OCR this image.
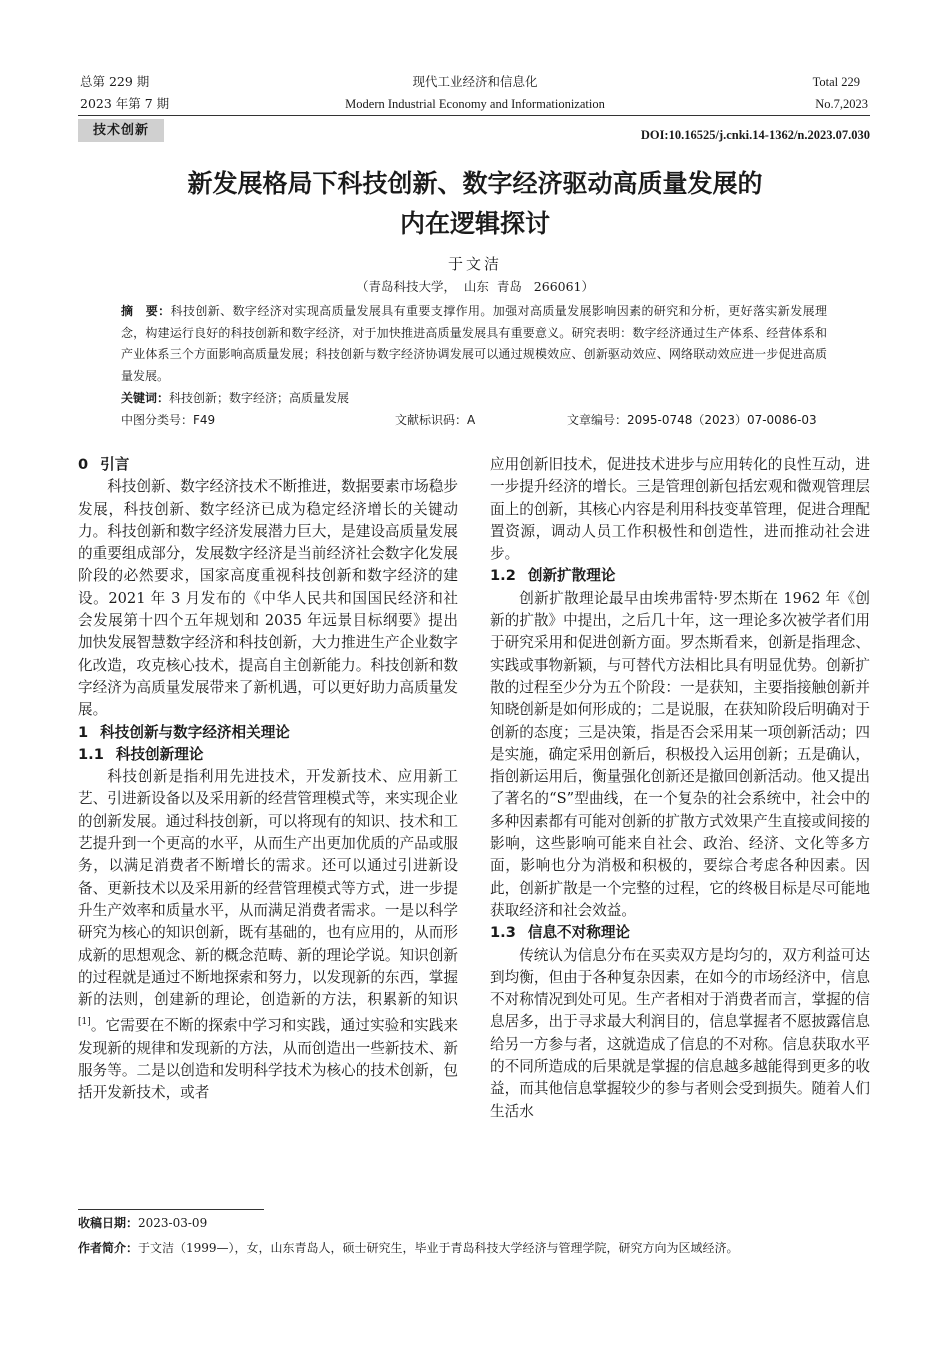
总第 229 期
2023 年第 7 期
现代工业经济和信息化
Modern Industrial Economy and Informationization
Total 229
No.7,2023
技术创新	DOI:10.16525/j.cnki.14-1362/n.2023.07.030
新发展格局下科技创新、数字经济驱动高质量发展的
内在逻辑探讨
于文洁
（青岛科技大学，  山东  青岛   266061）
摘　要：科技创新、数字经济对实现高质量发展具有重要支撑作用。加强对高质量发展影响因素的研究和分析，更好落实新发展理念，构建运行良好的科技创新和数字经济，对于加快推进高质量发展具有重要意义。研究表明：数字经济通过生产体系、经营体系和产业体系三个方面影响高质量发展；科技创新与数字经济协调发展可以通过规模效应、创新驱动效应、网络联动效应进一步促进高质量发展。
关键词：科技创新；数字经济；高质量发展
中图分类号：F49	文献标识码：A	文章编号：2095-0748（2023）07-0086-03
0 引言

科技创新、数字经济技术不断推进，数据要素市场稳步发展，科技创新、数字经济已成为稳定经济增长的关键动力。科技创新和数字经济发展潜力巨大，是建设高质量发展的重要组成部分，发展数字经济是当前经济社会数字化发展阶段的必然要求，国家高度重视科技创新和数字经济的建设。2021 年 3 月发布的《中华人民共和国国民经济和社会发展第十四个五年规划和 2035 年远景目标纲要》提出加快发展智慧数字经济和科技创新，大力推进生产企业数字化改造，攻克核心技术，提高自主创新能力。科技创新和数字经济为高质量发展带来了新机遇，可以更好助力高质量发展。

1 科技创新与数字经济相关理论
1.1 科技创新理论

科技创新是指利用先进技术，开发新技术、应用新工艺、引进新设备以及采用新的经营管理模式等，来实现企业的创新发展。通过科技创新，可以将现有的知识、技术和工艺提升到一个更高的水平，从而生产出更加优质的产品或服务，以满足消费者不断增长的需求。还可以通过引进新设备、更新技术以及采用新的经营管理模式等方式，进一步提升生产效率和质量水平，从而满足消费者需求。一是以科学研究为核心的知识创新，既有基础的，也有应用的，从而形成新的思想观念、新的概念范畴、新的理论学说。知识创新的过程就是通过不断地探索和努力，以发现新的东西，掌握新的法则，创建新的理论，创造新的方法，积累新的知识[1]。它需要在不断的探索中学习和实践，通过实验和实践来发现新的规律和发现新的方法，从而创造出一些新技术、新服务等。二是以创造和发明科学技术为核心的技术创新，包括开发新技术，或者

应用创新旧技术，促进技术进步与应用转化的良性互动，进一步提升经济的增长。三是管理创新包括宏观和微观管理层面上的创新，其核心内容是利用科技变革管理，促进合理配置资源，调动人员工作积极性和创造性，进而推动社会进步。

1.2 创新扩散理论

创新扩散理论最早由埃弗雷特·罗杰斯在 1962 年《创新的扩散》中提出，之后几十年，这一理论多次被学者们用于研究采用和促进创新方面。罗杰斯看来，创新是指理念、实践或事物新颖，与可替代方法相比具有明显优势。创新扩散的过程至少分为五个阶段：一是获知，主要指接触创新并知晓创新是如何形成的；二是说服，在获知阶段后明确对于创新的态度；三是决策，指是否会采用某一项创新活动；四是实施，确定采用创新后，积极投入运用创新；五是确认，指创新运用后，衡量强化创新还是撤回创新活动。他又提出了著名的“S”型曲线，在一个复杂的社会系统中，社会中的多种因素都有可能对创新的扩散方式效果产生直接或间接的影响，这些影响可能来自社会、政治、经济、文化等多方面，影响也分为消极和积极的，要综合考虑各种因素。因此，创新扩散是一个完整的过程，它的终极目标是尽可能地获取经济和社会效益。

1.3 信息不对称理论

传统认为信息分布在买卖双方是均匀的，双方利益可达到均衡，但由于各种复杂因素，在如今的市场经济中，信息不对称情况到处可见。生产者相对于消费者而言，掌握的信息居多，出于寻求最大利润目的，信息掌握者不愿披露信息给另一方参与者，这就造成了信息的不对称。信息获取水平的不同所造成的后果就是掌握的信息越多越能得到更多的收益，而其他信息掌握较少的参与者则会受到损失。随着人们生活水

收稿日期：2023-03-09
作者简介：于文洁（1999—），女，山东青岛人，硕士研究生，毕业于青岛科技大学经济与管理学院，研究方向为区域经济。
